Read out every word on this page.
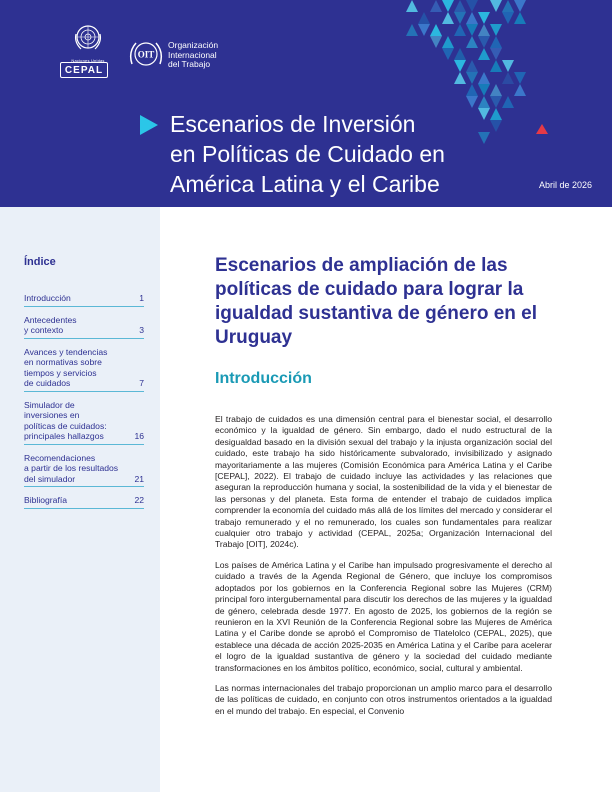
Naciones Unidas
CEPAL
OIT
Organización
Internacional
del Trabajo
Escenarios de Inversión
en Políticas de Cuidado en
América Latina y el Caribe	Abril de 2026
Índice
Introducción	1
Antecedentes
y contexto	3
Avances y tendencias
en normativas sobre
tiempos y servicios
de cuidados	7
Simulador de
inversiones en
políticas de cuidados:
principales hallazgos	16
Recomendaciones
a partir de los resultados
del simulador	21
Bibliografía	22
Escenarios de ampliación de las políticas de cuidado para lograr la igualdad sustantiva de género en el Uruguay
Introducción

El trabajo de cuidados es una dimensión central para el bienestar social, el desarrollo económico y la igualdad de género. Sin embargo, dado el nudo estructural de la desigualdad basado en la división sexual del trabajo y la injusta organización social del cuidado, este trabajo ha sido históricamente subvalorado, invisibilizado y asignado mayoritariamente a las mujeres (Comisión Económica para América Latina y el Caribe [CEPAL], 2022). El trabajo de cuidado incluye las actividades y las relaciones que aseguran la reproducción humana y social, la sostenibilidad de la vida y el bienestar de las personas y del planeta. Esta forma de entender el trabajo de cuidados implica comprender la economía del cuidado más allá de los límites del mercado y considerar el trabajo remunerado y el no remunerado, los cuales son fundamentales para realizar cualquier otro trabajo y actividad (CEPAL, 2025a; Organización Internacional del Trabajo [OIT], 2024c).

Los países de América Latina y el Caribe han impulsado progresivamente el derecho al cuidado a través de la Agenda Regional de Género, que incluye los compromisos adoptados por los gobiernos en la Conferencia Regional sobre las Mujeres (CRM) principal foro intergubernamental para discutir los derechos de las mujeres y la igualdad de género, celebrada desde 1977. En agosto de 2025, los gobiernos de la región se reunieron en la XVI Reunión de la Conferencia Regional sobre las Mujeres de América Latina y el Caribe donde se aprobó el Compromiso de Tlatelolco (CEPAL, 2025), que establece una década de acción 2025-2035 en América Latina y el Caribe para acelerar el logro de la igualdad sustantiva de género y la sociedad del cuidado mediante transformaciones en los ámbitos político, económico, social, cultural y ambiental.

Las normas internacionales del trabajo proporcionan un amplio marco para el desarrollo de las políticas de cuidado, en conjunto con otros instrumentos orientados a la igualdad en el mundo del trabajo. En especial, el Convenio
